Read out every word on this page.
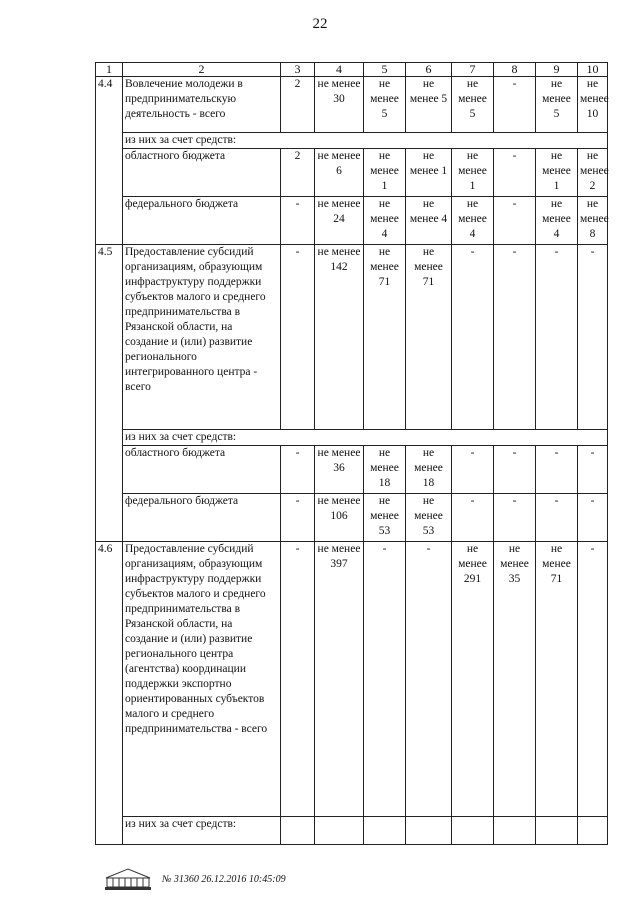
22
1	2	3	4	5	6	7	8	9	10
4.4	Вовлечение молодежи в предпринимательскую деятельность - всего	2	не менее 30	не менее 5	не менее 5	не менее 5	-	не менее 5	не менее 10
	из них за счет средств:								
	областного бюджета	2	не менее 6	не менее 1	не менее 1	не менее 1	-	не менее 1	не менее 2
	федерального бюджета	-	не менее 24	не менее 4	не менее 4	не менее 4	-	не менее 4	не менее 8
4.5	Предоставление субсидий организациям, образующим инфраструктуру поддержки субъектов малого и среднего предпринимательства в Рязанской области, на создание и (или) развитие регионального интегрированного центра - всего	-	не менее 142	не менее 71	не менее 71	-	-	-	-
	из них за счет средств:								
	областного бюджета	-	не менее 36	не менее 18	не менее 18	-	-	-	-
	федерального бюджета	-	не менее 106	не менее 53	не менее 53	-	-	-	-
4.6	Предоставление субсидий организациям, образующим инфраструктуру поддержки субъектов малого и среднего предпринимательства в Рязанской области, на создание и (или) развитие регионального центра (агентства) координации поддержки экспортно ориентированных субъектов малого и среднего предпринимательства - всего	-	не менее 397	-	-	не менее 291	не менее 35	не менее 71	-
	из них за счет средств:								
№ 31360 26.12.2016 10:45:09
